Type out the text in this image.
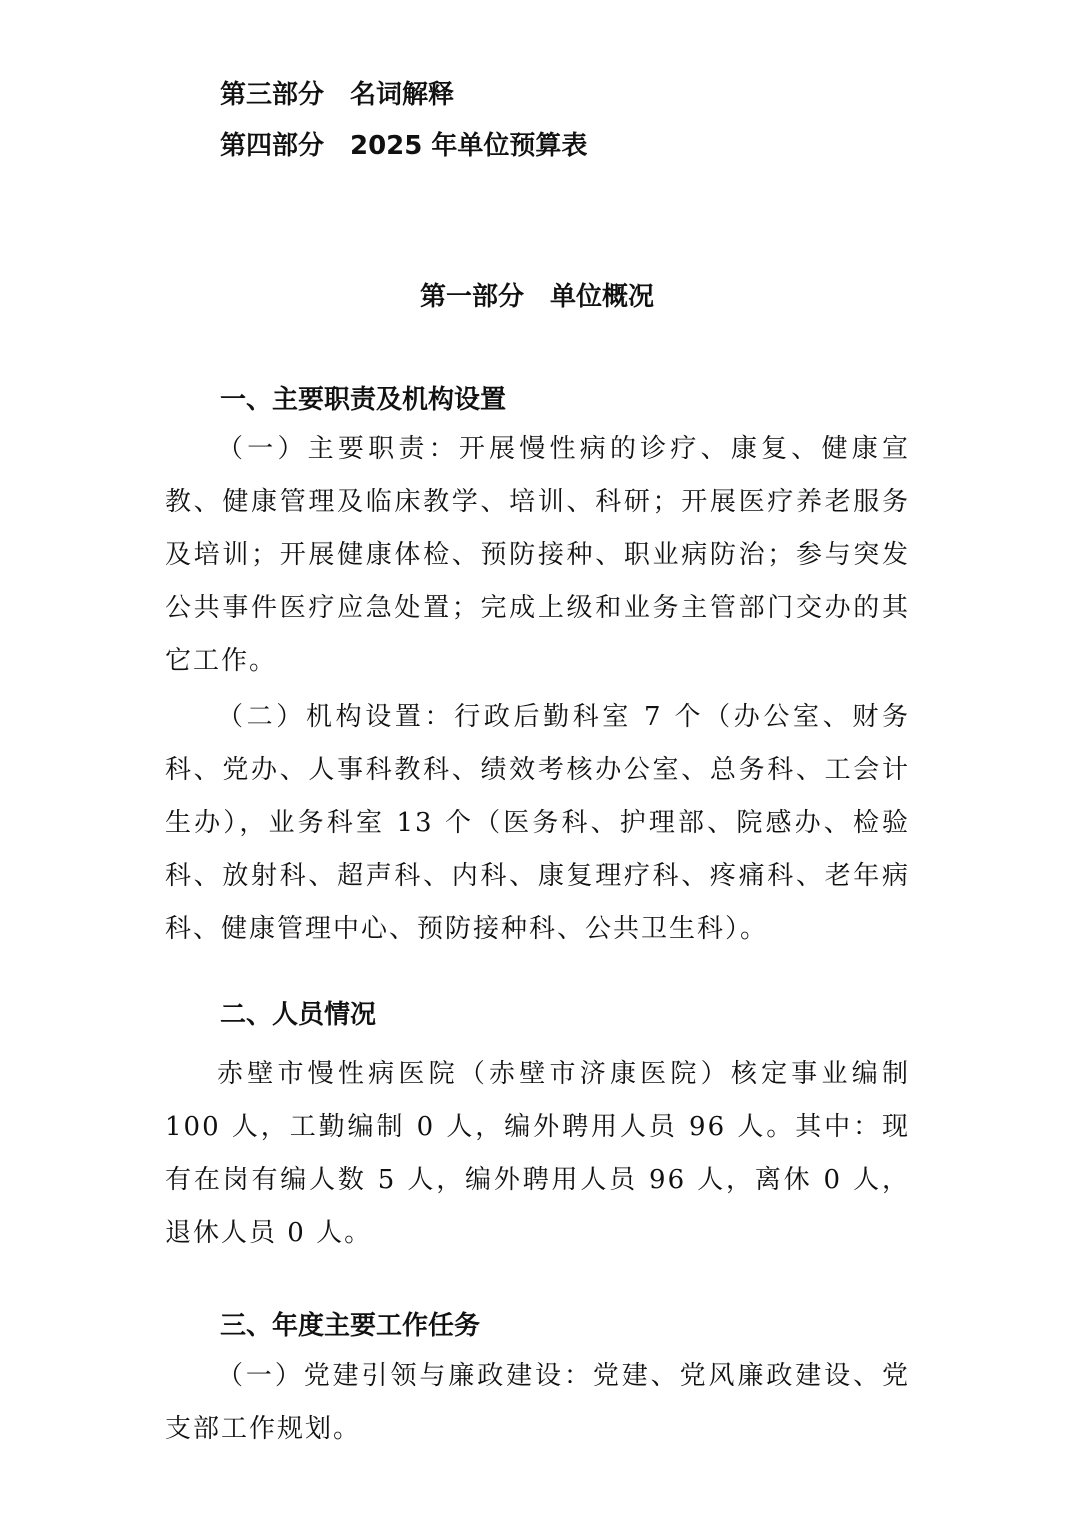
第三部分　名词解释
第四部分　2025 年单位预算表
第一部分　单位概况
一、主要职责及机构设置

（一）主要职责：开展慢性病的诊疗、康复、健康宣教、健康管理及临床教学、培训、科研；开展医疗养老服务及培训；开展健康体检、预防接种、职业病防治；参与突发公共事件医疗应急处置；完成上级和业务主管部门交办的其它工作。

（二）机构设置：行政后勤科室 7 个（办公室、财务科、党办、人事科教科、绩效考核办公室、总务科、工会计生办），业务科室 13 个（医务科、护理部、院感办、检验科、放射科、超声科、内科、康复理疗科、疼痛科、老年病科、健康管理中心、预防接种科、公共卫生科）。

二、人员情况

赤壁市慢性病医院（赤壁市济康医院）核定事业编制 100 人，工勤编制 0 人，编外聘用人员 96 人。其中：现有在岗有编人数 5 人，编外聘用人员 96 人，离休 0 人，退休人员 0 人。

三、年度主要工作任务

（一）党建引领与廉政建设：党建、党风廉政建设、党支部工作规划。
